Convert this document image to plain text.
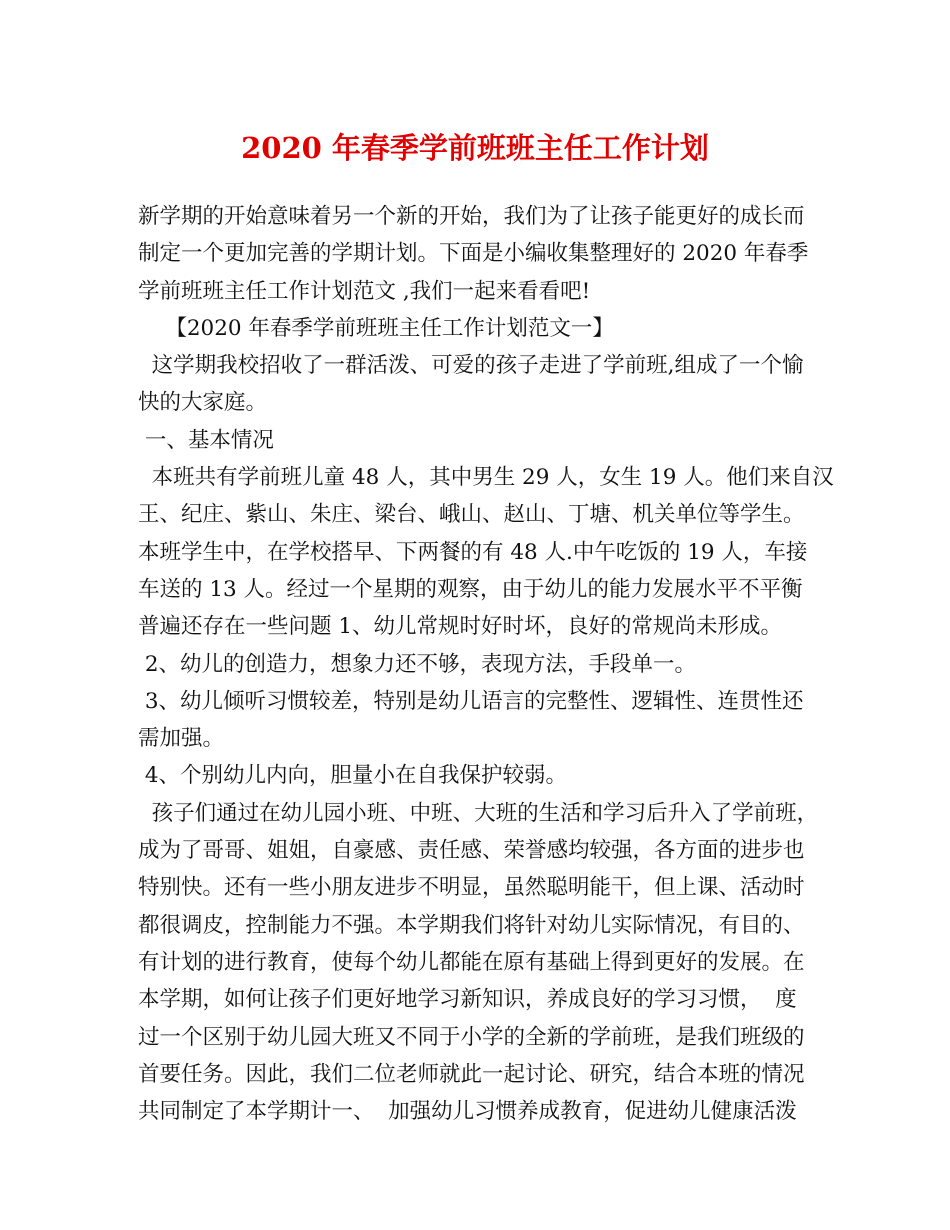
2020 年春季学前班班主任工作计划
新学期的开始意味着另一个新的开始，我们为了让孩子能更好的成长而
制定一个更加完善的学期计划。下面是小编收集整理好的 2020 年春季
学前班班主任工作计划范文 ,我们一起来看看吧!
【2020 年春季学前班班主任工作计划范文一】
这学期我校招收了一群活泼、可爱的孩子走进了学前班,组成了一个愉
快的大家庭。
一、基本情况
本班共有学前班儿童 48 人，其中男生 29 人，女生 19 人。他们来自汉
王、纪庄、紫山、朱庄、梁台、峨山、赵山、丁塘、机关单位等学生。
本班学生中，在学校搭早、下两餐的有 48 人.中午吃饭的 19 人，车接
车送的 13 人。经过一个星期的观察，由于幼儿的能力发展水平不平衡
普遍还存在一些问题 1、幼儿常规时好时坏，良好的常规尚未形成。
2、幼儿的创造力，想象力还不够，表现方法，手段单一。
3、幼儿倾听习惯较差，特别是幼儿语言的完整性、逻辑性、连贯性还
需加强。
4、个别幼儿内向，胆量小在自我保护较弱。
孩子们通过在幼儿园小班、中班、大班的生活和学习后升入了学前班，
成为了哥哥、姐姐，自豪感、责任感、荣誉感均较强，各方面的进步也
特别快。还有一些小朋友进步不明显，虽然聪明能干，但上课、活动时
都很调皮，控制能力不强。本学期我们将针对幼儿实际情况，有目的、
有计划的进行教育，使每个幼儿都能在原有基础上得到更好的发展。在
本学期，如何让孩子们更好地学习新知识，养成良好的学习习惯，  度
过一个区别于幼儿园大班又不同于小学的全新的学前班，是我们班级的
首要任务。因此，我们二位老师就此一起讨论、研究，结合本班的情况
共同制定了本学期计一、  加强幼儿习惯养成教育，促进幼儿健康活泼
